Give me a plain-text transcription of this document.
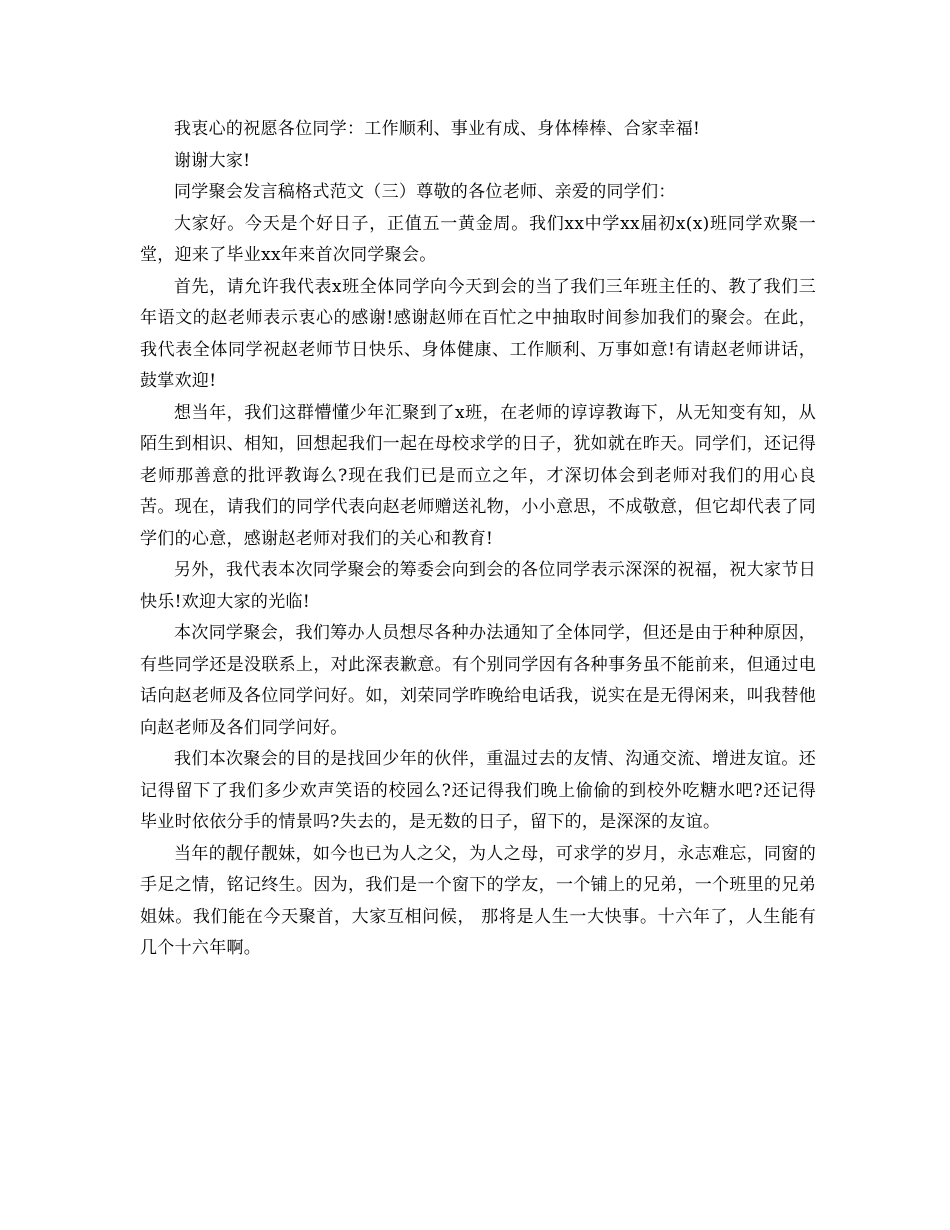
我衷心的祝愿各位同学：工作顺利、事业有成、身体棒棒、合家幸福!

谢谢大家!

同学聚会发言稿格式范文（三）尊敬的各位老师、亲爱的同学们：

大家好。今天是个好日子，正值五一黄金周。我们xx中学xx届初x(x)班同学欢聚一堂，迎来了毕业xx年来首次同学聚会。

首先，请允许我代表x班全体同学向今天到会的当了我们三年班主任的、教了我们三年语文的赵老师表示衷心的感谢!感谢赵师在百忙之中抽取时间参加我们的聚会。在此，我代表全体同学祝赵老师节日快乐、身体健康、工作顺利、万事如意!有请赵老师讲话，鼓掌欢迎!

想当年，我们这群懵懂少年汇聚到了x班，在老师的谆谆教诲下，从无知变有知，从陌生到相识、相知，回想起我们一起在母校求学的日子，犹如就在昨天。同学们，还记得老师那善意的批评教诲么?现在我们已是而立之年，才深切体会到老师对我们的用心良苦。现在，请我们的同学代表向赵老师赠送礼物，小小意思，不成敬意，但它却代表了同学们的心意，感谢赵老师对我们的关心和教育!

另外，我代表本次同学聚会的筹委会向到会的各位同学表示深深的祝福，祝大家节日快乐!欢迎大家的光临!

本次同学聚会，我们筹办人员想尽各种办法通知了全体同学，但还是由于种种原因，有些同学还是没联系上，对此深表歉意。有个别同学因有各种事务虽不能前来，但通过电话向赵老师及各位同学问好。如，刘荣同学昨晚给电话我，说实在是无得闲来，叫我替他向赵老师及各们同学问好。

我们本次聚会的目的是找回少年的伙伴，重温过去的友情、沟通交流、增进友谊。还记得留下了我们多少欢声笑语的校园么?还记得我们晚上偷偷的到校外吃糖水吧?还记得毕业时依依分手的情景吗?失去的，是无数的日子，留下的，是深深的友谊。

当年的靓仔靓妹，如今也已为人之父，为人之母，可求学的岁月，永志难忘，同窗的手足之情，铭记终生。因为，我们是一个窗下的学友，一个铺上的兄弟，一个班里的兄弟姐妹。我们能在今天聚首，大家互相问候， 那将是人生一大快事。十六年了，人生能有几个十六年啊。
